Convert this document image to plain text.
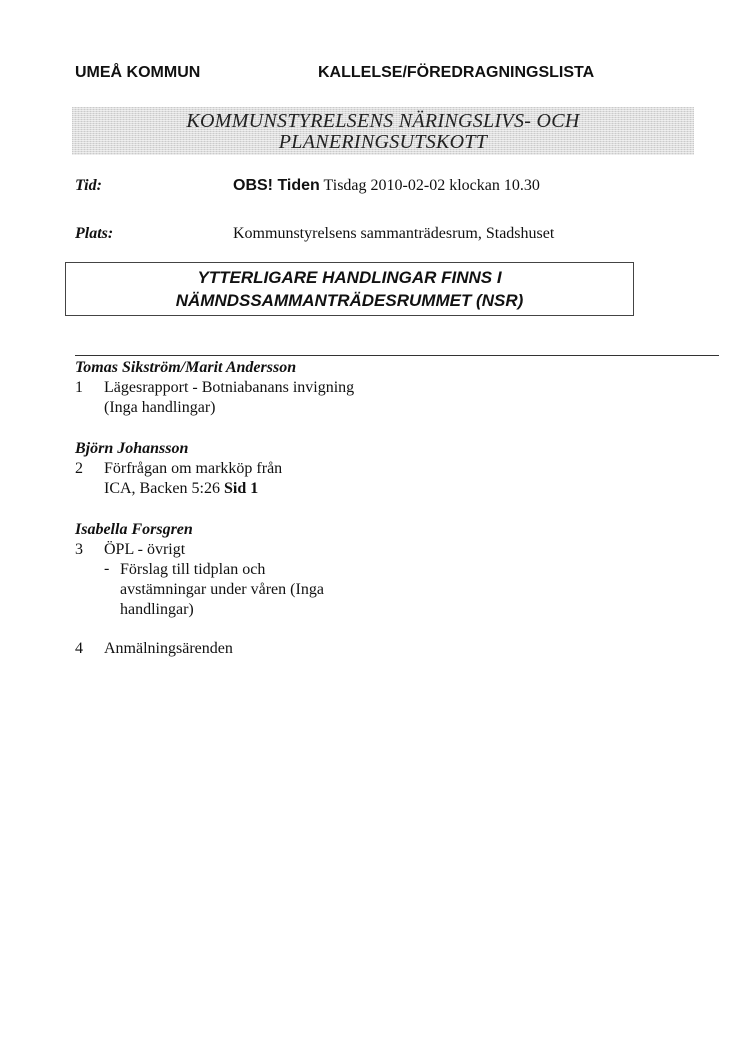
UMEÅ KOMMUN	KALLELSE/FÖREDRAGNINGSLISTA
KOMMUNSTYRELSENS NÄRINGSLIVS- OCH
PLANERINGSUTSKOTT
Tid:	OBS! Tiden Tisdag 2010-02-02 klockan 10.30
Plats:	Kommunstyrelsens sammanträdesrum, Stadshuset
YTTERLIGARE HANDLINGAR FINNS I
NÄMNDSSAMMANTRÄDESRUMMET (NSR)
Tomas Sikström/Marit Andersson
1 Lägesrapport - Botniabanans invigning
(Inga handlingar)
Björn Johansson
2 Förfrågan om markköp från
ICA, Backen 5:26 Sid 1
Isabella Forsgren
3 ÖPL - övrigt
- Förslag till tidplan och
avstämningar under våren (Inga
handlingar)
4 Anmälningsärenden
